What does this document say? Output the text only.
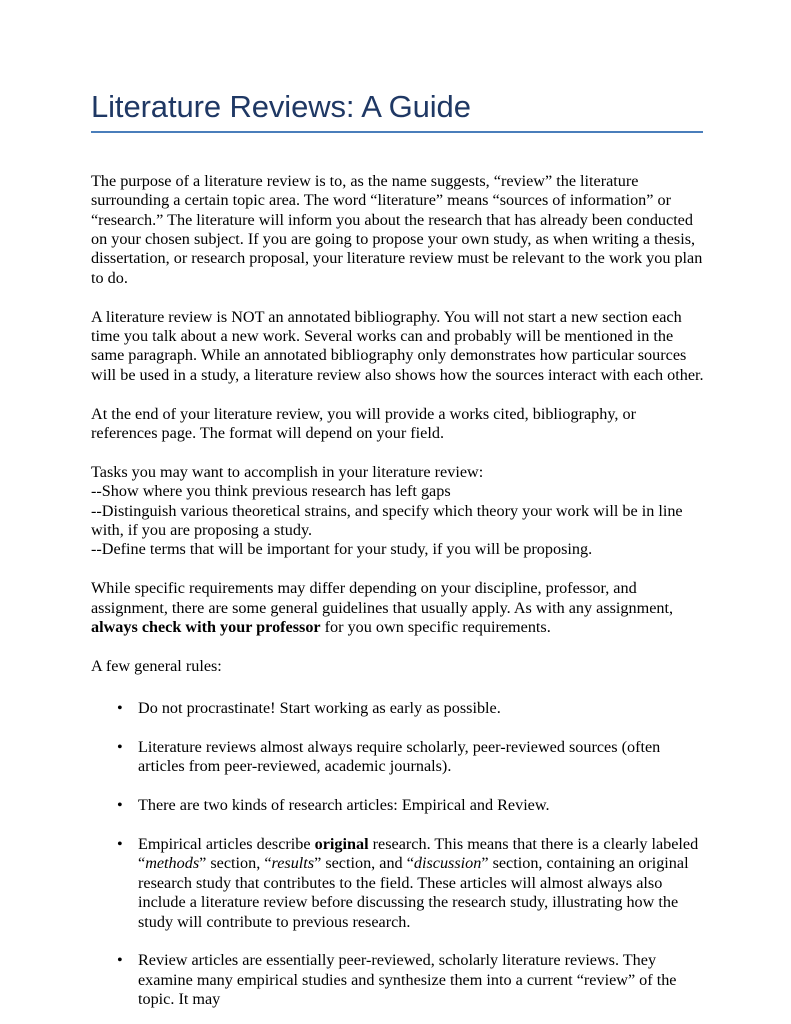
Literature Reviews: A Guide

The purpose of a literature review is to, as the name suggests, “review” the literature surrounding a certain topic area. The word “literature” means “sources of information” or “research.” The literature will inform you about the research that has already been conducted on your chosen subject. If you are going to propose your own study, as when writing a thesis, dissertation, or research proposal, your literature review must be relevant to the work you plan to do.

A literature review is NOT an annotated bibliography. You will not start a new section each time you talk about a new work. Several works can and probably will be mentioned in the same paragraph. While an annotated bibliography only demonstrates how particular sources will be used in a study, a literature review also shows how the sources interact with each other.

At the end of your literature review, you will provide a works cited, bibliography, or references page. The format will depend on your field.

Tasks you may want to accomplish in your literature review:

--Show where you think previous research has left gaps

--Distinguish various theoretical strains, and specify which theory your work will be in line with, if you are proposing a study.

--Define terms that will be important for your study, if you will be proposing.

While specific requirements may differ depending on your discipline, professor, and assignment, there are some general guidelines that usually apply. As with any assignment, always check with your professor for you own specific requirements.

A few general rules:

• Do not procrastinate! Start working as early as possible.
• Literature reviews almost always require scholarly, peer-reviewed sources (often articles from peer-reviewed, academic journals).
• There are two kinds of research articles: Empirical and Review.
• Empirical articles describe original research. This means that there is a clearly labeled “methods” section, “results” section, and “discussion” section, containing an original research study that contributes to the field. These articles will almost always also include a literature review before discussing the research study, illustrating how the study will contribute to previous research.
• Review articles are essentially peer-reviewed, scholarly literature reviews. They examine many empirical studies and synthesize them into a current “review” of the topic. It may
